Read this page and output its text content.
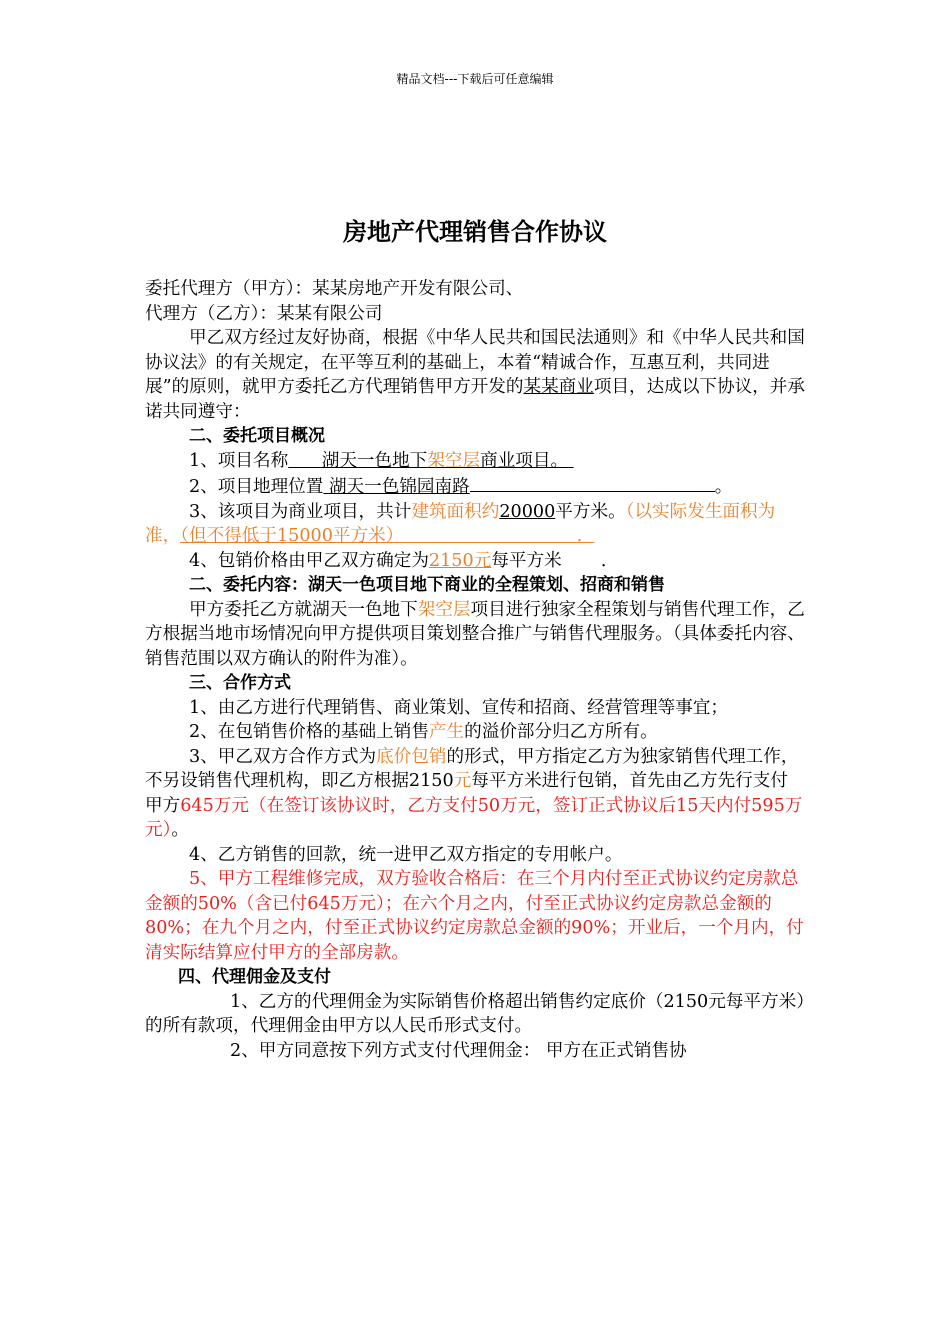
精品文档---下载后可任意编辑
房地产代理销售合作协议

委托代理方（甲方）：某某房地产开发有限公司、

代理方（乙方）：某某有限公司

甲乙双方经过友好协商，根据《中华人民共和国民法通则》和《中华人民共和国协议法》的有关规定，在平等互利的基础上，本着“精诚合作，互惠互利，共同进展”的原则，就甲方委托乙方代理销售甲方开发的某某商业项目，达成以下协议，并承诺共同遵守：

二、委托项目概况

1、项目名称 湖天一色地下架空层商业项目。

2、项目地理位置 湖天一色锦园南路	。

3、该项目为商业项目，共计建筑面积约20000平方米。（以实际发生面积为准，（但不得低于15000平方米）	．

4、包销价格由甲乙双方确定为2150元每平方米 ．

二、委托内容：湖天一色项目地下商业的全程策划、招商和销售

甲方委托乙方就湖天一色地下架空层项目进行独家全程策划与销售代理工作，乙方根据当地市场情况向甲方提供项目策划整合推广与销售代理服务。（具体委托内容、销售范围以双方确认的附件为准）。

三、合作方式

1、由乙方进行代理销售、商业策划、宣传和招商、经营管理等事宜；

2、在包销售价格的基础上销售产生的溢价部分归乙方所有。

3、甲乙双方合作方式为底价包销的形式，甲方指定乙方为独家销售代理工作，不另设销售代理机构，即乙方根据2150元每平方米进行包销，首先由乙方先行支付甲方645万元（在签订该协议时，乙方支付50万元，签订正式协议后15天内付595万元）。

4、乙方销售的回款，统一进甲乙双方指定的专用帐户。

5、甲方工程维修完成，双方验收合格后：在三个月内付至正式协议约定房款总金额的50%（含已付645万元）；在六个月之内，付至正式协议约定房款总金额的80%；在九个月之内，付至正式协议约定房款总金额的90%；开业后，一个月内，付清实际结算应付甲方的全部房款。

四、代理佣金及支付

1、乙方的代理佣金为实际销售价格超出销售约定底价（2150元每平方米）的所有款项，代理佣金由甲方以人民币形式支付。

2、甲方同意按下列方式支付代理佣金： 甲方在正式销售协
